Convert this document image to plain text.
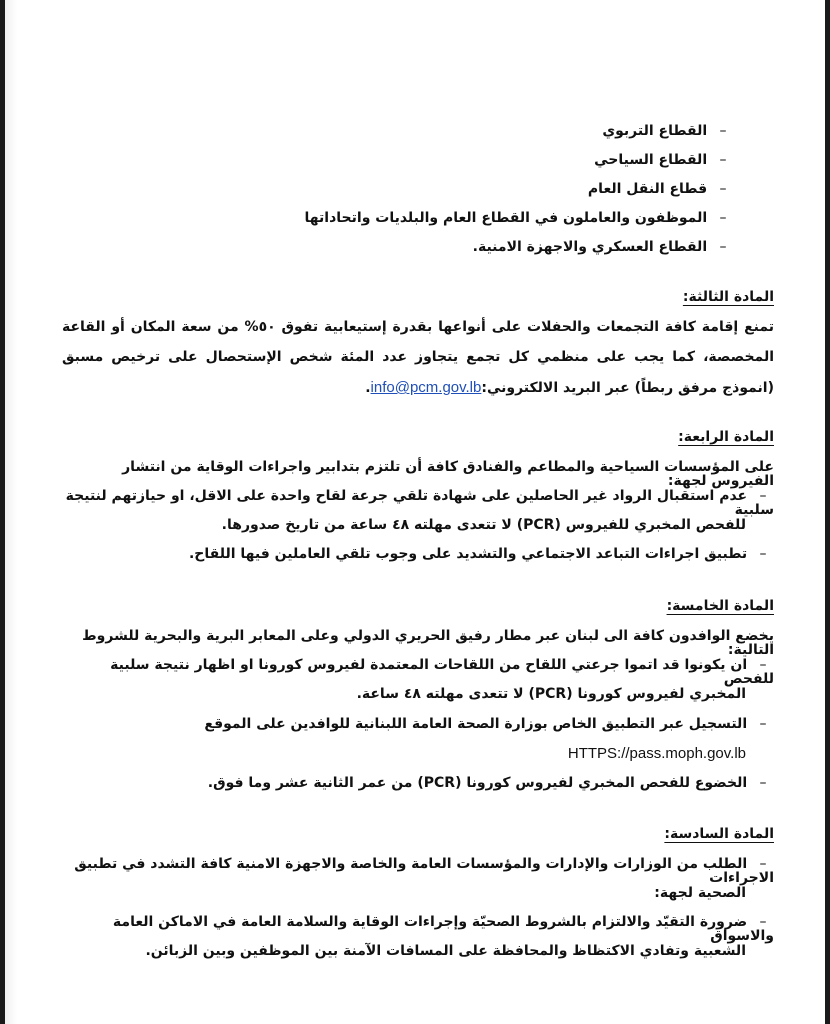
– القطاع التربوي
– القطاع السياحي
– قطاع النقل العام
– الموظفون والعاملون في القطاع العام والبلديات واتحاداتها
– القطاع العسكري والاجهزة الامنية.
المادة الثالثة:
تمنع إقامة كافة التجمعات والحفلات على أنواعها بقدرة إستيعابية تفوق ٥٠% من سعة المكان أو القاعة
المخصصة، كما يجب على منظمي كل تجمع يتجاوز عدد المئة شخص الإستحصال على ترخيص مسبق
(انموذج مرفق ربطاً) عبر البريد الالكتروني:info@pcm.gov.lb.
المادة الرابعة:
على المؤسسات السياحية والمطاعم والفنادق كافة أن تلتزم بتدابير واجراءات الوقاية من انتشار الفيروس لجهة:
– عدم استقبال الرواد غير الحاصلين على شهادة تلقي جرعة لقاح واحدة على الاقل، او حيازتهم لنتيجة سلبية
للفحص المخبري للفيروس (PCR) لا تتعدى مهلته ٤٨ ساعة من تاريخ صدورها.
– تطبيق اجراءات التباعد الاجتماعي والتشديد على وجوب تلقي العاملين فيها اللقاح.
المادة الخامسة:
يخضع الوافدون كافة الى لبنان عبر مطار رفيق الحريري الدولي وعلى المعابر البرية والبحرية للشروط التالية:
– ان يكونوا قد اتموا جرعتي اللقاح من اللقاحات المعتمدة لفيروس كورونا او اظهار نتيجة سلبية للفحص
المخبري لفيروس كورونا (PCR) لا تتعدى مهلته ٤٨ ساعة.
– التسجيل عبر التطبيق الخاص بوزارة الصحة العامة اللبنانية للوافدين على الموقع
HTTPS://pass.moph.gov.lb
– الخضوع للفحص المخبري لفيروس كورونا (PCR) من عمر الثانية عشر وما فوق.
المادة السادسة:
– الطلب من الوزارات والإدارات والمؤسسات العامة والخاصة والاجهزة الامنية كافة التشدد في تطبيق الاجراءات
الصحية لجهة:
– ضرورة التقيّد والالتزام بالشروط الصحيّة وإجراءات الوقاية والسلامة العامة في الاماكن العامة والاسواق
الشعبية وتفادي الاكتظاظ والمحافظة على المسافات الآمنة بين الموظفين وبين الزبائن.
